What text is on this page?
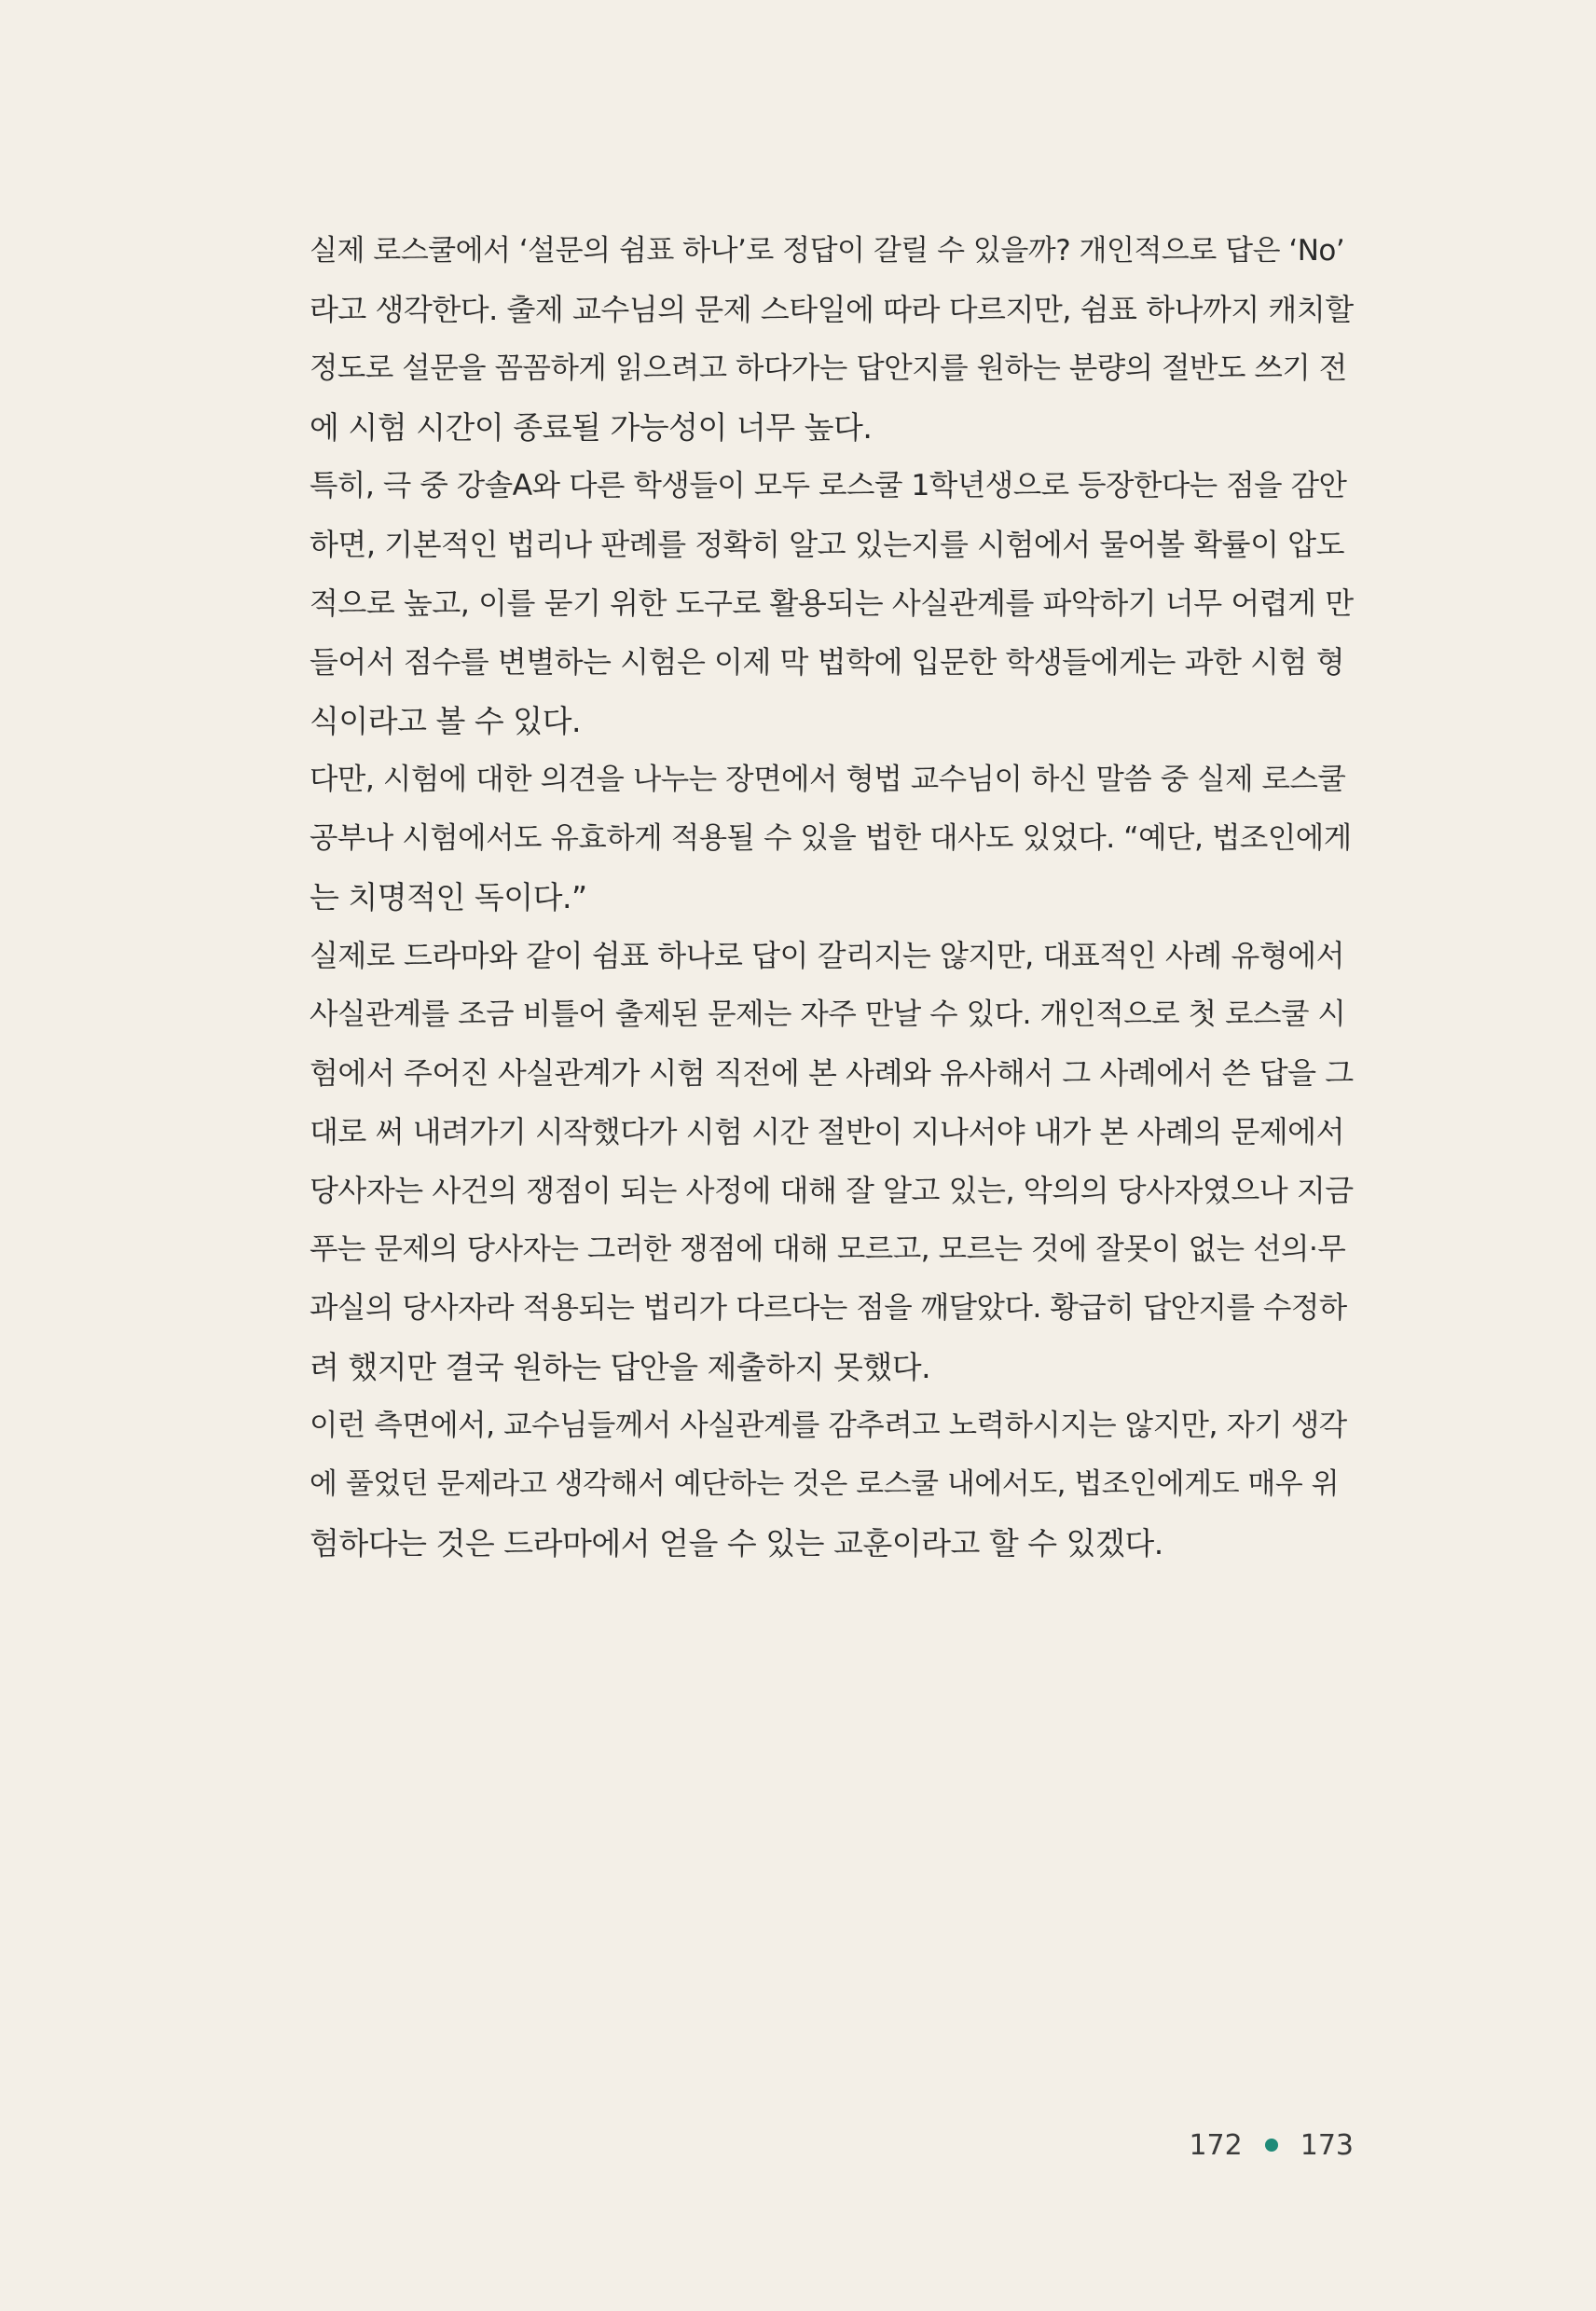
실제 로스쿨에서 ‘설문의 쉼표 하나’로 정답이 갈릴 수 있을까? 개인적으로 답은 ‘No’
라고 생각한다. 출제 교수님의 문제 스타일에 따라 다르지만, 쉼표 하나까지 캐치할
정도로 설문을 꼼꼼하게 읽으려고 하다가는 답안지를 원하는 분량의 절반도 쓰기 전
에 시험 시간이 종료될 가능성이 너무 높다.
특히, 극 중 강솔A와 다른 학생들이 모두 로스쿨 1학년생으로 등장한다는 점을 감안
하면, 기본적인 법리나 판례를 정확히 알고 있는지를 시험에서 물어볼 확률이 압도
적으로 높고, 이를 묻기 위한 도구로 활용되는 사실관계를 파악하기 너무 어렵게 만
들어서 점수를 변별하는 시험은 이제 막 법학에 입문한 학생들에게는 과한 시험 형
식이라고 볼 수 있다.
다만, 시험에 대한 의견을 나누는 장면에서 형법 교수님이 하신 말씀 중 실제 로스쿨
공부나 시험에서도 유효하게 적용될 수 있을 법한 대사도 있었다. “예단, 법조인에게
는 치명적인 독이다.”
실제로 드라마와 같이 쉼표 하나로 답이 갈리지는 않지만, 대표적인 사례 유형에서
사실관계를 조금 비틀어 출제된 문제는 자주 만날 수 있다. 개인적으로 첫 로스쿨 시
험에서 주어진 사실관계가 시험 직전에 본 사례와 유사해서 그 사례에서 쓴 답을 그
대로 써 내려가기 시작했다가 시험 시간 절반이 지나서야 내가 본 사례의 문제에서
당사자는 사건의 쟁점이 되는 사정에 대해 잘 알고 있는, 악의의 당사자였으나 지금
푸는 문제의 당사자는 그러한 쟁점에 대해 모르고, 모르는 것에 잘못이 없는 선의·무
과실의 당사자라 적용되는 법리가 다르다는 점을 깨달았다. 황급히 답안지를 수정하
려 했지만 결국 원하는 답안을 제출하지 못했다.
이런 측면에서, 교수님들께서 사실관계를 감추려고 노력하시지는 않지만, 자기 생각
에 풀었던 문제라고 생각해서 예단하는 것은 로스쿨 내에서도, 법조인에게도 매우 위
험하다는 것은 드라마에서 얻을 수 있는 교훈이라고 할 수 있겠다.
172 173
